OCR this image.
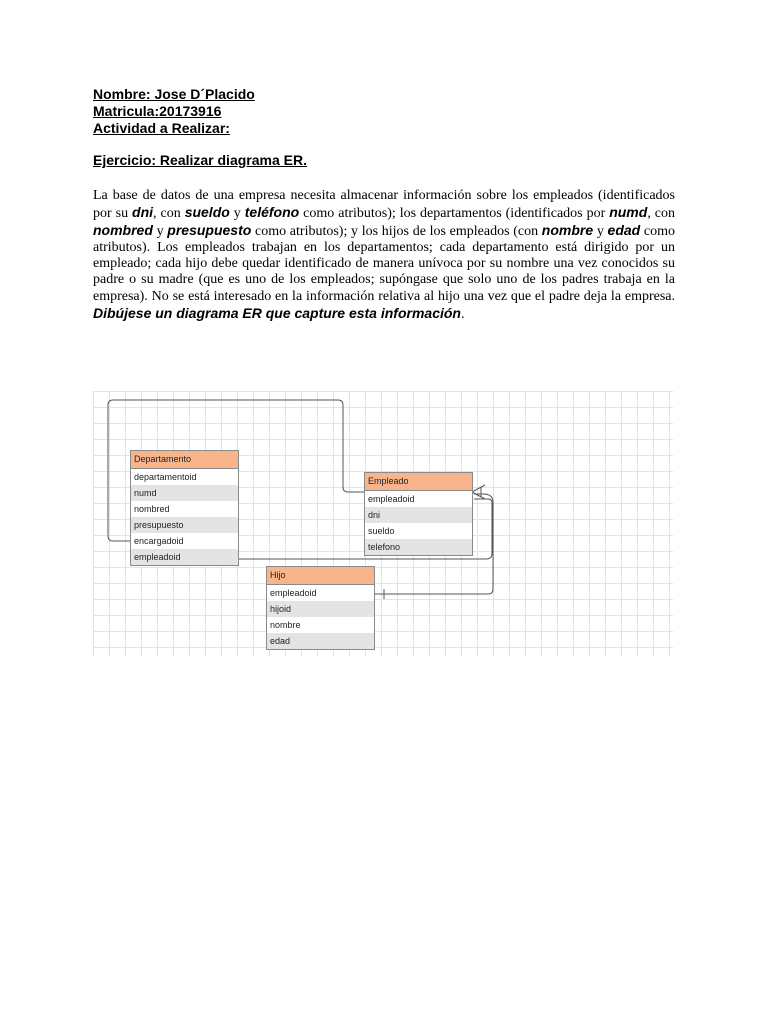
Nombre: Jose D´Placido
Matricula:20173916
Actividad a Realizar:
Ejercicio: Realizar diagrama ER.
La base de datos de una empresa necesita almacenar información sobre los empleados (identificados por su dni, con sueldo y teléfono como atributos); los departamentos (identificados por numd, con nombred y presupuesto como atributos); y los hijos de los empleados (con nombre y edad como atributos). Los empleados trabajan en los departamentos; cada departamento está dirigido por un empleado; cada hijo debe quedar identificado de manera unívoca por su nombre una vez conocidos su padre o su madre (que es uno de los empleados; supóngase que solo uno de los padres trabaja en la empresa). No se está interesado en la información relativa al hijo una vez que el padre deja la empresa. Dibújese un diagrama ER que capture esta información.
Departamento
departamentoid
numd
nombred
presupuesto
encargadoid
empleadoid
Empleado
empleadoid
dni
sueldo
telefono
Hijo
empleadoid
hijoid
nombre
edad
